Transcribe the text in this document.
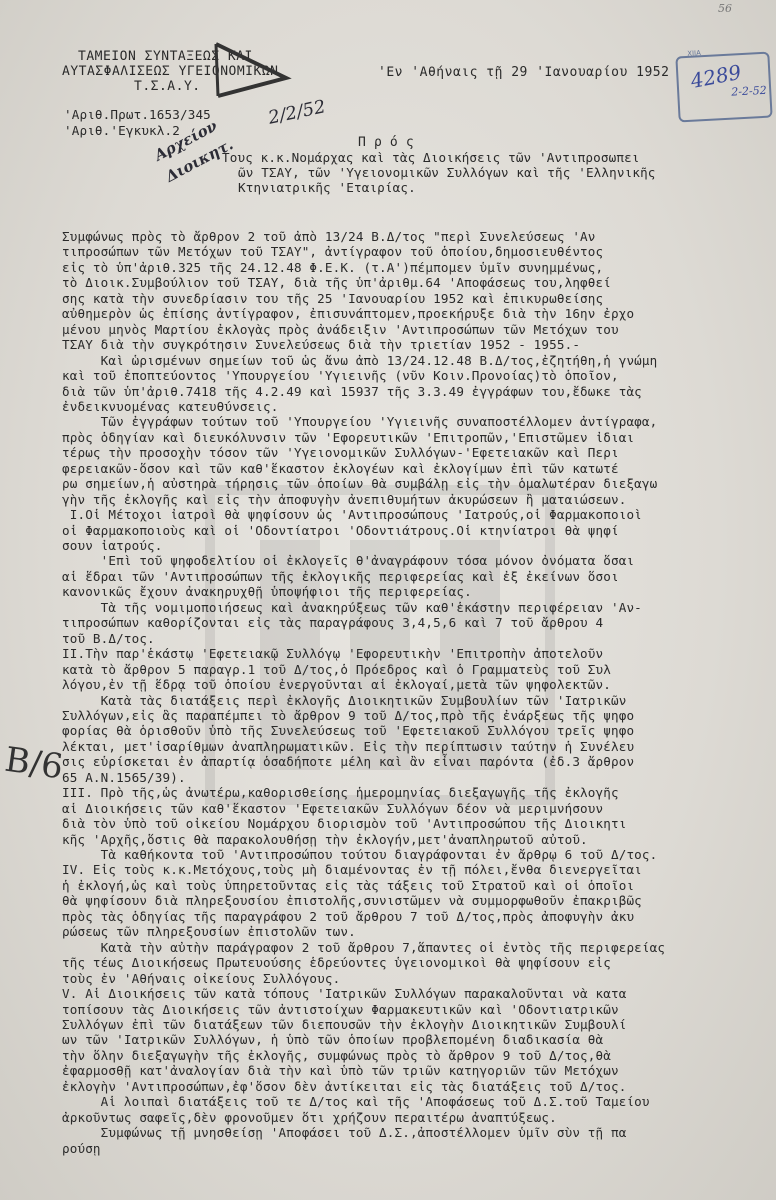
56
ΤΑΜΕΙΟΝ ΣΥΝΤΑΞΕΩΣ ΚΑΙ
ΑΥΤΑΣΦΑΛΙΣΕΩΣ ΥΓΕΙΟΝΟΜΙΚΩΝ
Τ.Σ.Α.Υ.
'Εν 'Αθήναις τῇ 29 'Ιανουαρίου 1952
'Αριθ.Πρωτ.1653/345
'Αριθ.'Εγκυκλ.2
2/2/52
Αρχείον Διοικητ.
ΧΙΙΑ
4289
2-2-52
Β/6
Π ρ ό ς
Τους κ.κ.Νομάρχας καὶ τὰς Διοικήσεις τῶν 'Αντιπροσωπει
ῶν ΤΣΑΥ, τῶν 'Υγειονομικῶν Συλλόγων καὶ τῆς 'Ελληνικῆς
Κτηνιατρικῆς 'Εταιρίας.
Συμφώνως πρὸς τὸ ἄρθρον 2 τοῦ ἀπὸ 13/24 Β.Δ/τος "περὶ Συνελεύσεως 'Αν
τιπροσώπων τῶν Μετόχων τοῦ ΤΣΑΥ", ἀντίγραφον τοῦ ὁποίου,δημοσιευθέντος
εἰς τὸ ὑπ'ἀριθ.325 τῆς 24.12.48 Φ.Ε.Κ. (τ.Α')πέμπομεν ὑμῖν συνημμένως,
τὸ Διοικ.Συμβούλιον τοῦ ΤΣΑΥ, διὰ τῆς ὑπ'ἀριθμ.64 'Αποφάσεως του,ληφθεί
σης κατὰ τὴν συνεδρίασιν του τῆς 25 'Ιανουαρίου 1952 καὶ ἐπικυρωθείσης
αὐθημερὸν ὡς ἐπίσης ἀντίγραφον, ἐπισυνάπτομεν,προεκήρυξε διὰ τὴν 16ην ἐρχο
μένου μηνὸς Μαρτίου ἐκλογὰς πρὸς ἀνάδειξιν 'Αντιπροσώπων τῶν Μετόχων του
ΤΣΑΥ διὰ τὴν συγκρότησιν Συνελεύσεως διὰ τὴν τριετίαν 1952 - 1955.-
Καὶ ὡρισμένων σημείων τοῦ ὡς ἄνω ἀπὸ 13/24.12.48 Β.Δ/τος,ἐζητήθη,ἡ γνώμη
καὶ τοῦ ἐποπτεύοντος 'Υπουργείου 'Υγιεινῆς (νῦν Κοιν.Προνοίας)τὸ ὁποῖον,
διὰ τῶν ὑπ'ἀριθ.7418 τῆς 4.2.49 καὶ 15937 τῆς 3.3.49 ἐγγράφων του,ἔδωκε τὰς
ἐνδεικνυομένας κατευθύνσεις.
Τῶν ἐγγράφων τούτων τοῦ 'Υπουργείου 'Υγιεινῆς συναποστέλλομεν ἀντίγραφα,
πρὸς ὁδηγίαν καὶ διευκόλυνσιν τῶν 'Εφορευτικῶν 'Επιτροπῶν,'Επιστῶμεν ἰδιαι
τέρως τὴν προσοχὴν τόσον τῶν 'Υγειονομικῶν Συλλόγων-'Εφετειακῶν καὶ Περι
φερειακῶν-ὅσον καὶ τῶν καθ'ἕκαστον ἐκλογέων καὶ ἐκλογίμων ἐπὶ τῶν κατωτέ
ρω σημείων,ἡ αὐστηρὰ τήρησις τῶν ὁποίων θὰ συμβάλῃ εἰς τὴν ὁμαλωτέραν διεξαγω
γὴν τῆς ἐκλογῆς καὶ εἰς τὴν ἀποφυγὴν ἀνεπιθυμήτων ἀκυρώσεων ἢ ματαιώσεων.
I.Οἱ Μέτοχοι ἰατροὶ θὰ ψηφίσουν ὡς 'Αντιπροσώπους 'Ιατρούς,οἱ Φαρμακοποιοὶ
οἱ Φαρμακοποιοὺς καὶ οἱ 'Οδοντίατροι 'Οδοντιάτρους.Οἱ κτηνίατροι θὰ ψηφί
σουν ἰατρούς.
'Επὶ τοῦ ψηφοδελτίου οἱ ἐκλογεῖς θ'ἀναγράφουν τόσα μόνον ὀνόματα ὅσαι
αἱ ἕδραι τῶν 'Αντιπροσώπων τῆς ἐκλογικῆς περιφερείας καὶ ἐξ ἐκείνων ὅσοι
κανονικῶς ἔχουν ἀνακηρυχθῇ ὑποψήφιοι τῆς περιφερείας.
Τὰ τῆς νομιμοποιήσεως καὶ ἀνακηρύξεως τῶν καθ'ἑκάστην περιφέρειαν 'Αν-
τιπροσώπων καθορίζονται εἰς τὰς παραγράφους 3,4,5,6 καὶ 7 τοῦ ἄρθρου 4
τοῦ Β.Δ/τος.
II.Τὴν παρ'ἑκάστῳ 'Εφετειακῷ Συλλόγῳ 'Εφορευτικὴν 'Επιτροπὴν ἀποτελοῦν
κατὰ τὸ ἄρθρον 5 παραγρ.1 τοῦ Δ/τος,ὁ Πρόεδρος καὶ ὁ Γραμματεὺς τοῦ Συλ
λόγου,ἐν τῇ ἕδρᾳ τοῦ ὁποίου ἐνεργοῦνται αἱ ἐκλογαί,μετὰ τῶν ψηφολεκτῶν.
Κατὰ τὰς διατάξεις περὶ ἐκλογῆς Διοικητικῶν Συμβουλίων τῶν 'Ιατρικῶν
Συλλόγων,εἰς ἃς παραπέμπει τὸ ἄρθρον 9 τοῦ Δ/τος,πρὸ τῆς ἐνάρξεως τῆς ψηφο
φορίας θὰ ὁρισθοῦν ὑπὸ τῆς Συνελεύσεως τοῦ 'Εφετειακοῦ Συλλόγου τρεῖς ψηφο
λέκται, μετ'ἰσαρίθμων ἀναπληρωματικῶν. Εἰς τὴν περίπτωσιν ταύτην ἡ Συνέλευ
σις εὑρίσκεται ἐν ἀπαρτίᾳ ὁσαδήποτε μέλη καὶ ἂν εἶναι παρόντα (ἐδ.3 ἄρθρον
65 Α.Ν.1565/39).
III. Πρὸ τῆς,ὡς ἀνωτέρω,καθορισθείσης ἡμερομηνίας διεξαγωγῆς τῆς ἐκλογῆς
αἱ Διοικήσεις τῶν καθ'ἕκαστον 'Εφετειακῶν Συλλόγων δέον νὰ μεριμνήσουν
διὰ τὸν ὑπὸ τοῦ οἰκείου Νομάρχου διορισμὸν τοῦ 'Αντιπροσώπου τῆς Διοικητι
κῆς 'Αρχῆς,ὅστις θὰ παρακολουθήσῃ τὴν ἐκλογήν,μετ'ἀναπληρωτοῦ αὐτοῦ.
Τὰ καθήκοντα τοῦ 'Αντιπροσώπου τούτου διαγράφονται ἐν ἄρθρῳ 6 τοῦ Δ/τος.
IV. Εἰς τοὺς κ.κ.Μετόχους,τοὺς μὴ διαμένοντας ἐν τῇ πόλει,ἔνθα διενεργεῖται
ἡ ἐκλογή,ὡς καὶ τοὺς ὑπηρετοῦντας εἰς τὰς τάξεις τοῦ Στρατοῦ καὶ οἱ ὁποῖοι
θὰ ψηφίσουν διὰ πληρεξουσίου ἐπιστολῆς,συνιστῶμεν νὰ συμμορφωθοῦν ἐπακριβῶς
πρὸς τὰς ὁδηγίας τῆς παραγράφου 2 τοῦ ἄρθρου 7 τοῦ Δ/τος,πρὸς ἀποφυγὴν ἀκυ
ρώσεως τῶν πληρεξουσίων ἐπιστολῶν των.
Κατὰ τὴν αὐτὴν παράγραφον 2 τοῦ ἄρθρου 7,ἅπαντες οἱ ἐντὸς τῆς περιφερείας
τῆς τέως Διοικήσεως Πρωτευούσης ἑδρεύοντες ὑγειονομικοὶ θὰ ψηφίσουν εἰς
τοὺς ἐν 'Αθήναις οἰκείους Συλλόγους.
V. Αἱ Διοικήσεις τῶν κατὰ τόπους 'Ιατρικῶν Συλλόγων παρακαλοῦνται νὰ κατα
τοπίσουν τὰς Διοικήσεις τῶν ἀντιστοίχων Φαρμακευτικῶν καὶ 'Οδοντιατρικῶν
Συλλόγων ἐπὶ τῶν διατάξεων τῶν διεπουσῶν τὴν ἐκλογὴν Διοικητικῶν Συμβουλί
ων τῶν 'Ιατρικῶν Συλλόγων, ἡ ὑπὸ τῶν ὁποίων προβλεπομένη διαδικασία θὰ
τὴν ὅλην διεξαγωγὴν τῆς ἐκλογῆς, συμφώνως πρὸς τὸ ἄρθρον 9 τοῦ Δ/τος,θὰ
ἐφαρμοσθῇ κατ'ἀναλογίαν διὰ τὴν καὶ ὑπὸ τῶν τριῶν κατηγοριῶν τῶν Μετόχων
ἐκλογὴν 'Αντιπροσώπων,ἐφ'ὅσον δὲν ἀντίκειται εἰς τὰς διατάξεις τοῦ Δ/τος.
Αἱ λοιπαὶ διατάξεις τοῦ τε Δ/τος καὶ τῆς 'Αποφάσεως τοῦ Δ.Σ.τοῦ Ταμείου
ἀρκοῦντως σαφεῖς,δὲν φρονοῦμεν ὅτι χρήζουν περαιτέρω ἀναπτύξεως.
Συμφώνως τῇ μνησθείσῃ 'Αποφάσει τοῦ Δ.Σ.,ἀποστέλλομεν ὑμῖν σὺν τῇ πα
ρούσῃ
